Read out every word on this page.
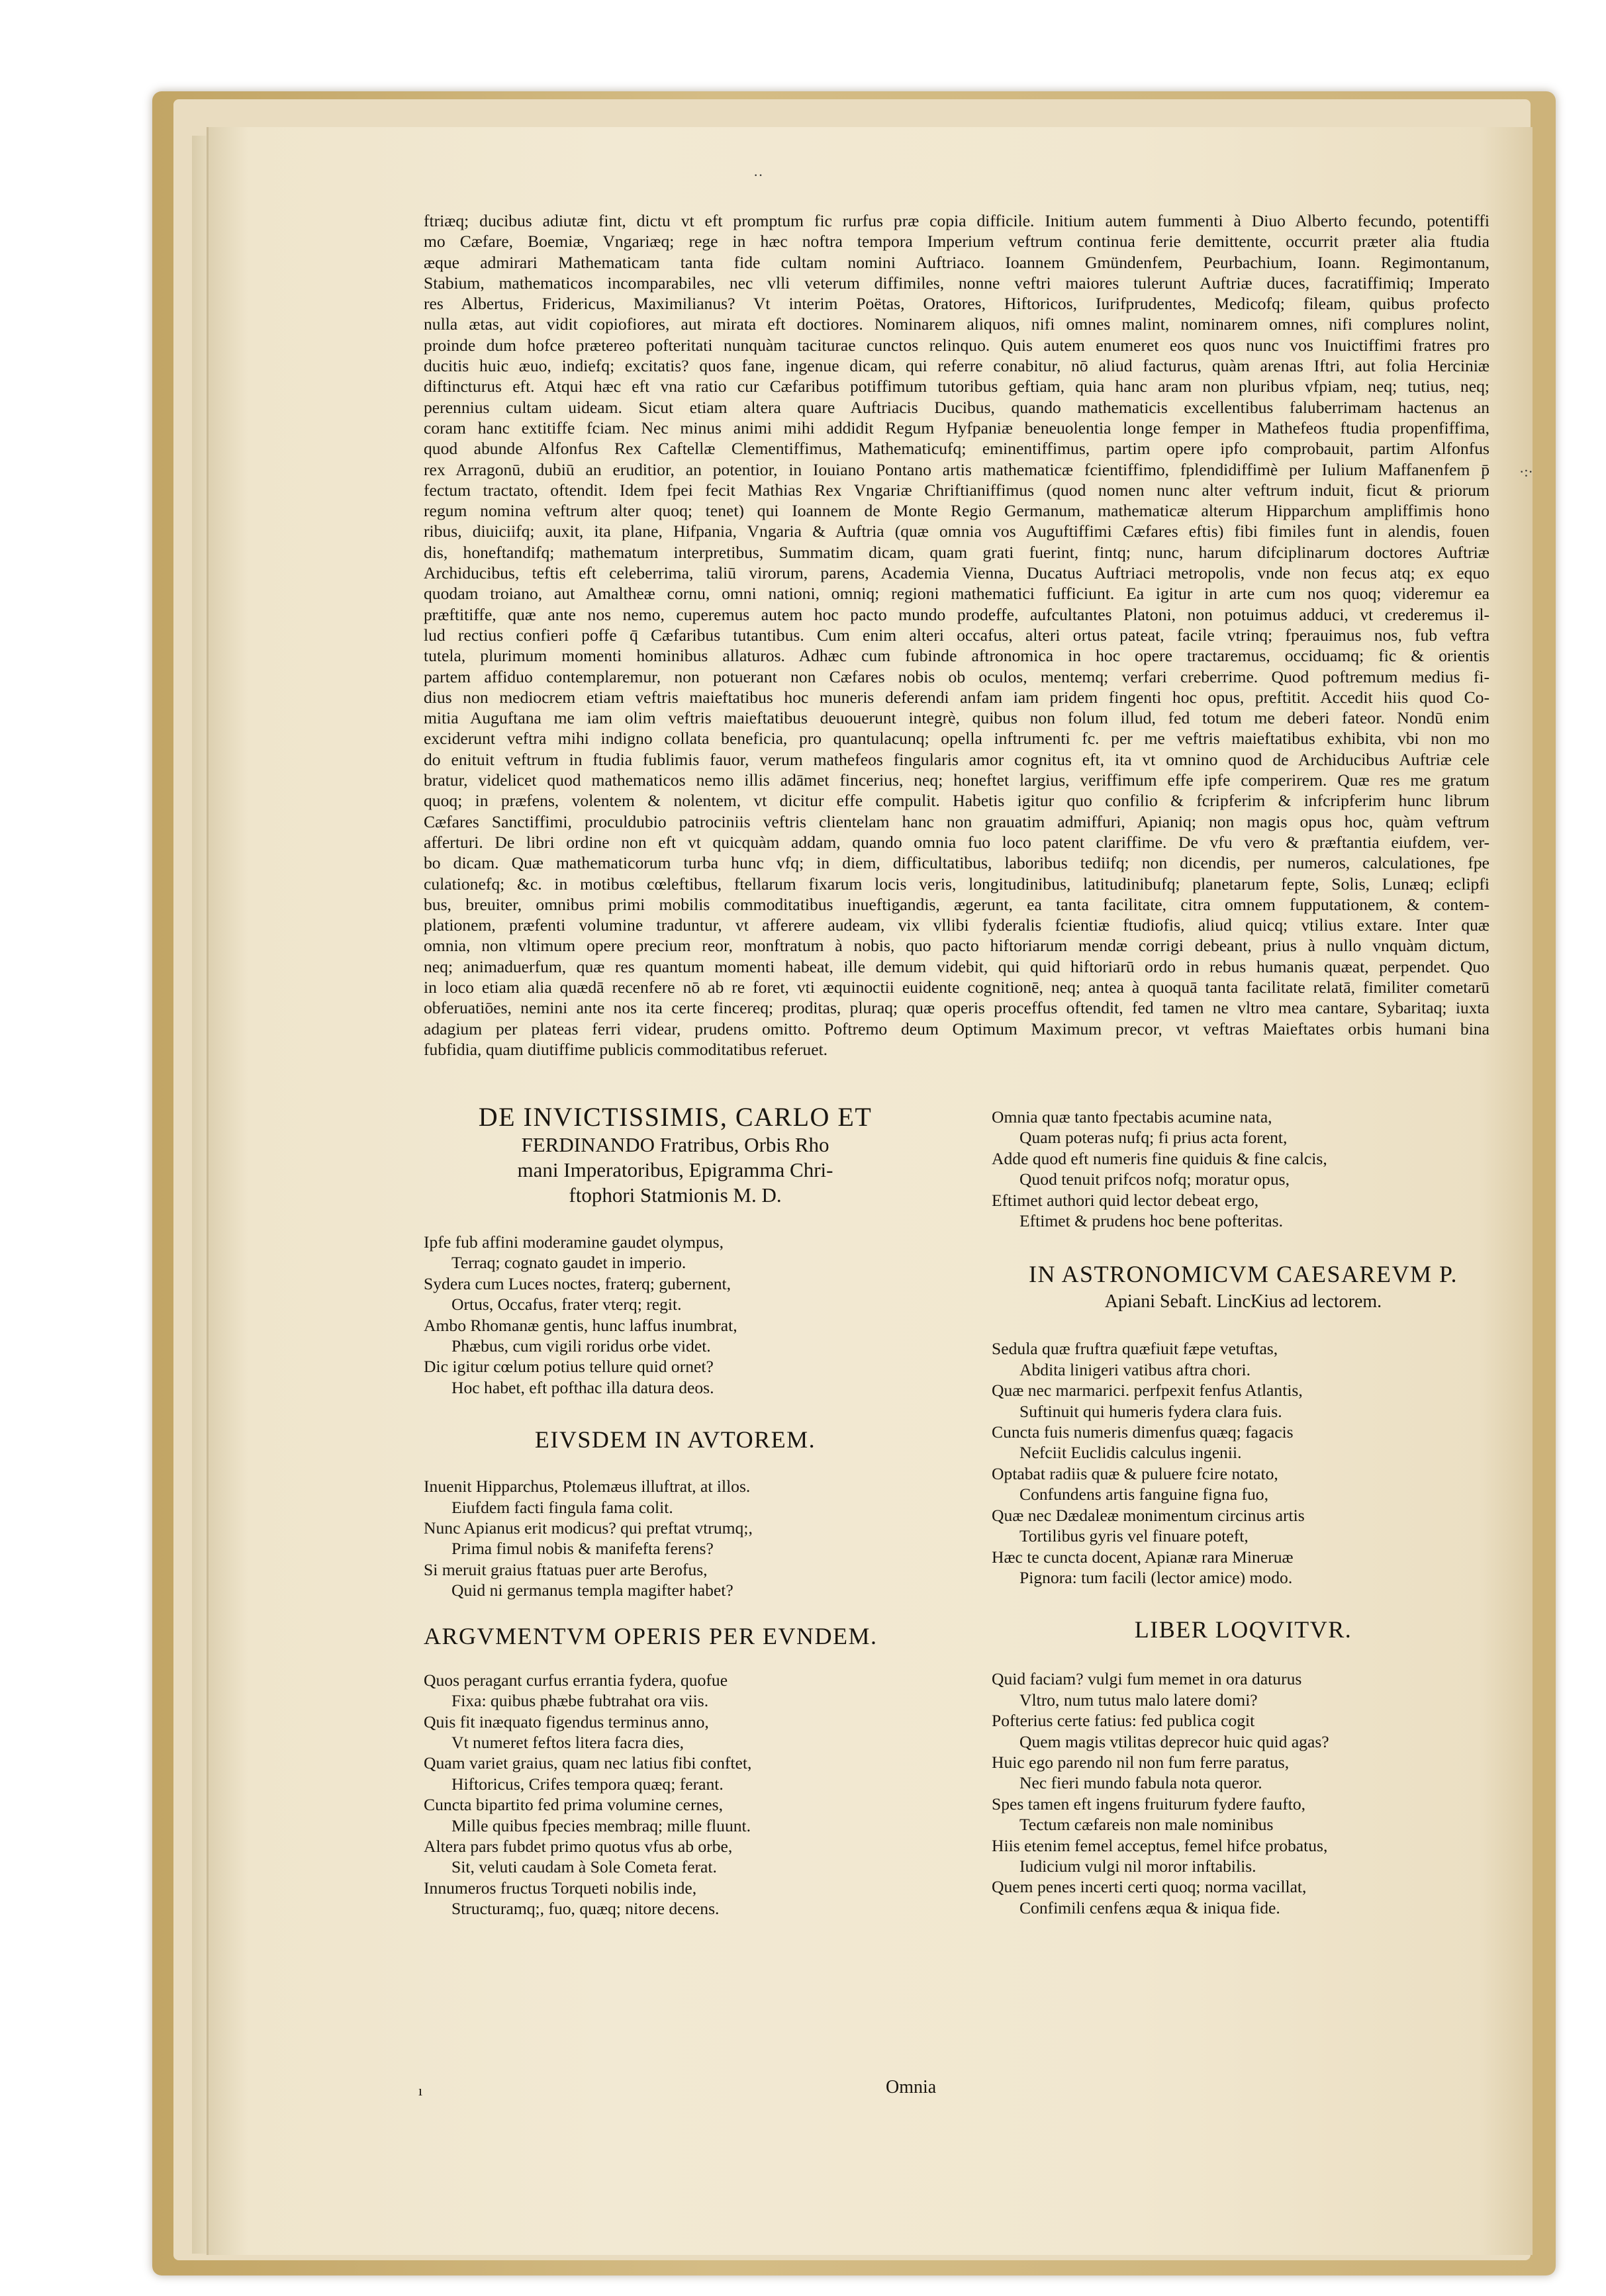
··
·:·
ftriæq; ducibus adiutæ fint, dictu vt eft promptum fic rurfus præ copia difficile. Initium autem fummenti à Diuo Alberto fecundo, potentiffi
mo Cæfare, Boemiæ, Vngariæq; rege in hæc noftra tempora Imperium veftrum continua ferie demittente, occurrit præter alia ftudia
æque admirari Mathematicam tanta fide cultam nomini Auftriaco. Ioannem Gmündenfem, Peurbachium, Ioann. Regimontanum,
Stabium, mathematicos incomparabiles, nec vlli veterum diffimiles, nonne veftri maiores tulerunt Auftriæ duces, facratiffimiq; Imperato
res Albertus, Fridericus, Maximilianus? Vt interim Poëtas, Oratores, Hiftoricos, Iurifprudentes, Medicofq; fileam, quibus profecto
nulla ætas, aut vidit copiofiores, aut mirata eft doctiores. Nominarem aliquos, nifi omnes malint, nominarem omnes, nifi complures nolint,
proinde dum hofce prætereo pofteritati nunquàm taciturae cunctos relinquo. Quis autem enumeret eos quos nunc vos Inuictiffimi fratres pro
ducitis huic æuo, indiefq; excitatis? quos fane, ingenue dicam, qui referre conabitur, nō aliud facturus, quàm arenas Iftri, aut folia Herciniæ
diftincturus eft. Atqui hæc eft vna ratio cur Cæfaribus potiffimum tutoribus geftiam, quia hanc aram non pluribus vfpiam, neq; tutius, neq;
perennius cultam uideam. Sicut etiam altera quare Auftriacis Ducibus, quando mathematicis excellentibus faluberrimam hactenus an
coram hanc extitiffe fciam. Nec minus animi mihi addidit Regum Hyfpaniæ beneuolentia longe femper in Mathefeos ftudia propenfiffima,
quod abunde Alfonfus Rex Caftellæ Clementiffimus, Mathematicufq; eminentiffimus, partim opere ipfo comprobauit, partim Alfonfus
rex Arragonū, dubiū an eruditior, an potentior, in Iouiano Pontano artis mathematicæ fcientiffimo, fplendidiffimè per Iulium Maffanenfem p̄
fectum tractato, oftendit. Idem fpei fecit Mathias Rex Vngariæ Chriftianiffimus (quod nomen nunc alter veftrum induit, ficut & priorum
regum nomina veftrum alter quoq; tenet) qui Ioannem de Monte Regio Germanum, mathematicæ alterum Hipparchum ampliffimis hono
ribus, diuiciifq; auxit, ita plane, Hifpania, Vngaria & Auftria (quæ omnia vos Auguftiffimi Cæfares eftis) fibi fimiles funt in alendis, fouen
dis, honeftandifq; mathematum interpretibus, Summatim dicam, quam grati fuerint, fintq; nunc, harum difciplinarum doctores Auftriæ
Archiducibus, teftis eft celeberrima, taliū virorum, parens, Academia Vienna, Ducatus Auftriaci metropolis, vnde non fecus atq; ex equo
quodam troiano, aut Amaltheæ cornu, omni nationi, omniq; regioni mathematici fufficiunt. Ea igitur in arte cum nos quoq; videremur ea
præftitiffe, quæ ante nos nemo, cuperemus autem hoc pacto mundo prodeffe, aufcultantes Platoni, non potuimus adduci, vt crederemus il-
lud rectius confieri poffe q̄ Cæfaribus tutantibus. Cum enim alteri occafus, alteri ortus pateat, facile vtrinq; fperauimus nos, fub veftra
tutela, plurimum momenti hominibus allaturos. Adhæc cum fubinde aftronomica in hoc opere tractaremus, occiduamq; fic & orientis
partem affiduo contemplaremur, non potuerant non Cæfares nobis ob oculos, mentemq; verfari creberrime. Quod poftremum medius fi-
dius non mediocrem etiam veftris maieftatibus hoc muneris deferendi anfam iam pridem fingenti hoc opus, preftitit. Accedit hiis quod Co-
mitia Auguftana me iam olim veftris maieftatibus deuouerunt integrè, quibus non folum illud, fed totum me deberi fateor. Nondū enim
exciderunt veftra mihi indigno collata beneficia, pro quantulacunq; opella inftrumenti fc. per me veftris maieftatibus exhibita, vbi non mo
do enituit veftrum in ftudia fublimis fauor, verum mathefeos fingularis amor cognitus eft, ita vt omnino quod de Archiducibus Auftriæ cele
bratur, videlicet quod mathematicos nemo illis adāmet fincerius, neq; honeftet largius, veriffimum effe ipfe comperirem. Quæ res me gratum
quoq; in præfens, volentem & nolentem, vt dicitur effe compulit. Habetis igitur quo confilio & fcripferim & infcripferim hunc librum
Cæfares Sanctiffimi, proculdubio patrociniis veftris clientelam hanc non grauatim admiffuri, Apianiq; non magis opus hoc, quàm veftrum
afferturi. De libri ordine non eft vt quicquàm addam, quando omnia fuo loco patent clariffime. De vfu vero & præftantia eiufdem, ver-
bo dicam. Quæ mathematicorum turba hunc vfq; in diem, difficultatibus, laboribus tediifq; non dicendis, per numeros, calculationes, fpe
culationefq; &c. in motibus cœleftibus, ftellarum fixarum locis veris, longitudinibus, latitudinibufq; planetarum fepte, Solis, Lunæq; eclipfi
bus, breuiter, omnibus primi mobilis commoditatibus inueftigandis, ægerunt, ea tanta facilitate, citra omnem fupputationem, & contem-
plationem, præfenti volumine traduntur, vt afferere audeam, vix vllibi fyderalis fcientiæ ftudiofis, aliud quicq; vtilius extare. Inter quæ
omnia, non vltimum opere precium reor, monftratum à nobis, quo pacto hiftoriarum mendæ corrigi debeant, prius à nullo vnquàm dictum,
neq; animaduerfum, quæ res quantum momenti habeat, ille demum videbit, qui quid hiftoriarū ordo in rebus humanis quæat, perpendet. Quo
in loco etiam alia quædā recenfere nō ab re foret, vti æquinoctii euidente cognitionē, neq; antea à quoquā tanta facilitate relatā, fimiliter cometarū
obferuatiōes, nemini ante nos ita certe fincereq; proditas, pluraq; quæ operis proceffus oftendit, fed tamen ne vltro mea cantare, Sybaritaq; iuxta
adagium per plateas ferri videar, prudens omitto. Poftremo deum Optimum Maximum precor, vt veftras Maieftates orbis humani bina
fubfidia, quam diutiffime publicis commoditatibus referuet.

DE INVICTISSIMIS, CARLO ET

FERDINANDO Fratribus, Orbis Rho

mani Imperatoribus, Epigramma Chri-

ftophori Statmionis M. D.

Ipfe fub affini moderamine gaudet olympus,
Terraq; cognato gaudet in imperio.
Sydera cum Luces noctes, fraterq; gubernent,
Ortus, Occafus, frater vterq; regit.
Ambo Rhomanæ gentis, hunc laffus inumbrat,
Phæbus, cum vigili roridus orbe videt.
Dic igitur cœlum potius tellure quid ornet?
Hoc habet, eft pofthac illa datura deos.

EIVSDEM IN AVTOREM.

Inuenit Hipparchus, Ptolemæus illuftrat, at illos.
Eiufdem facti fingula fama colit.
Nunc Apianus erit modicus? qui preftat vtrumq;,
Prima fimul nobis & manifefta ferens?
Si meruit graius ftatuas puer arte Berofus,
Quid ni germanus templa magifter habet?

ARGVMENTVM OPERIS PER EVNDEM.

Quos peragant curfus errantia fydera, quofue
Fixa: quibus phæbe fubtrahat ora viis.
Quis fit inæquato figendus terminus anno,
Vt numeret feftos litera facra dies,
Quam variet graius, quam nec latius fibi conftet,
Hiftoricus, Crifes tempora quæq; ferant.
Cuncta bipartito fed prima volumine cernes,
Mille quibus fpecies membraq; mille fluunt.
Altera pars fubdet primo quotus vfus ab orbe,
Sit, veluti caudam à Sole Cometa ferat.
Innumeros fructus Torqueti nobilis inde,
Structuramq;, fuo, quæq; nitore decens.
Omnia quæ tanto fpectabis acumine nata,
Quam poteras nufq; fi prius acta forent,
Adde quod eft numeris fine quiduis & fine calcis,
Quod tenuit prifcos nofq; moratur opus,
Eftimet authori quid lector debeat ergo,
Eftimet & prudens hoc bene pofteritas.

IN ASTRONOMICVM CAESAREVM P.

Apiani Sebaft. LincKius ad lectorem.

Sedula quæ fruftra quæfiuit fæpe vetuftas,
Abdita linigeri vatibus aftra chori.
Quæ nec marmarici. perfpexit fenfus Atlantis,
Suftinuit qui humeris fydera clara fuis.
Cuncta fuis numeris dimenfus quæq; fagacis
Nefciit Euclidis calculus ingenii.
Optabat radiis quæ & puluere fcire notato,
Confundens artis fanguine figna fuo,
Quæ nec Dædaleæ monimentum circinus artis
Tortilibus gyris vel finuare poteft,
Hæc te cuncta docent, Apianæ rara Mineruæ
Pignora: tum facili (lector amice) modo.

LIBER LOQVITVR.

Quid faciam? vulgi fum memet in ora daturus
Vltro, num tutus malo latere domi?
Pofterius certe fatius: fed publica cogit
Quem magis vtilitas deprecor huic quid agas?
Huic ego parendo nil non fum ferre paratus,
Nec fieri mundo fabula nota queror.
Spes tamen eft ingens fruiturum fydere faufto,
Tectum cæfareis non male nominibus
Hiis etenim femel acceptus, femel hifce probatus,
Iudicium vulgi nil moror inftabilis.
Quem penes incerti certi quoq; norma vacillat,
Confimili cenfens æqua & iniqua fide.
ı	Omnia
